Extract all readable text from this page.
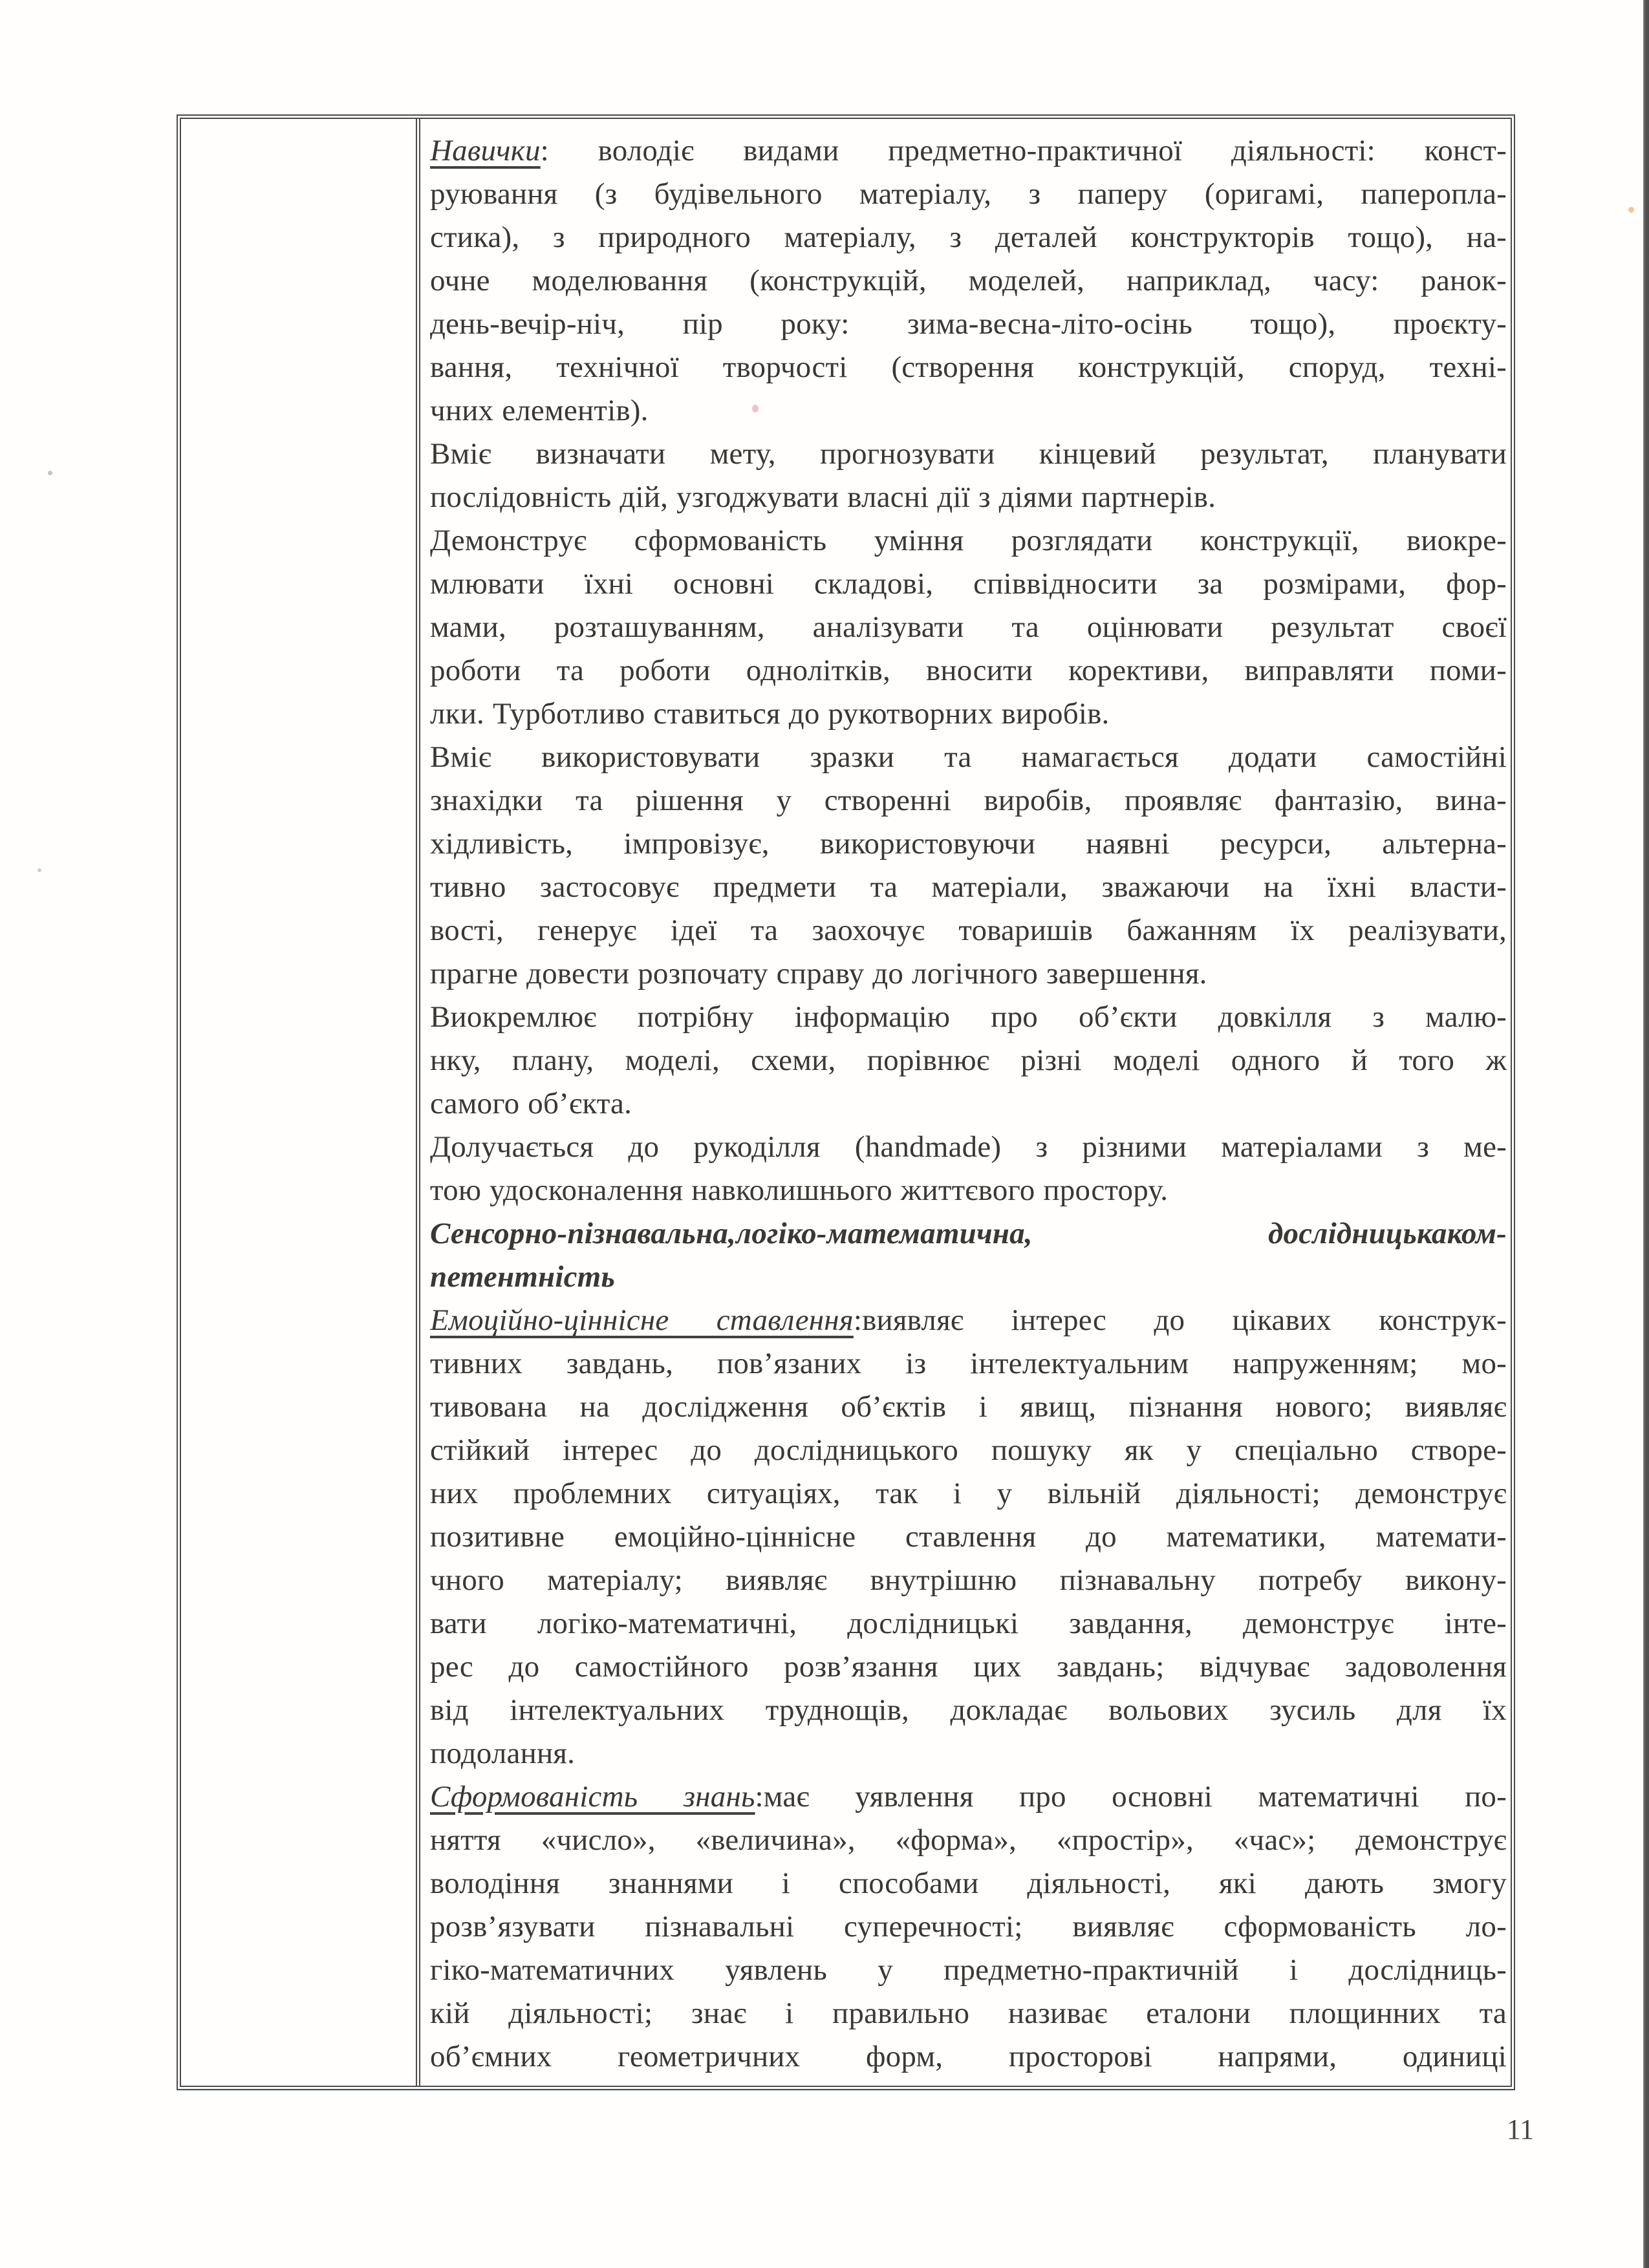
Навички: володіє видами предметно-практичної діяльності: конст-
руювання (з будівельного матеріалу, з паперу (оригамі, паперопла-
стика), з природного матеріалу, з деталей конструкторів тощо), на-
очне моделювання (конструкцій, моделей, наприклад, часу: ранок-
день-вечір-ніч, пір року: зима-весна-літо-осінь тощо), проєкту-
вання, технічної творчості (створення конструкцій, споруд, техні-
чних елементів).
Вміє визначати мету, прогнозувати кінцевий результат, планувати
послідовність дій, узгоджувати власні дії з діями партнерів.
Демонструє сформованість уміння розглядати конструкції, виокре-
млювати їхні основні складові, співвідносити за розмірами, фор-
мами, розташуванням, аналізувати та оцінювати результат своєї
роботи та роботи однолітків, вносити корективи, виправляти поми-
лки. Турботливо ставиться до рукотворних виробів.
Вміє використовувати зразки та намагається додати самостійні
знахідки та рішення у створенні виробів, проявляє фантазію, вина-
хідливість, імпровізує, використовуючи наявні ресурси, альтерна-
тивно застосовує предмети та матеріали, зважаючи на їхні власти-
вості, генерує ідеї та заохочує товаришів бажанням їх реалізувати,
прагне довести розпочату справу до логічного завершення.
Виокремлює потрібну інформацію про об’єкти довкілля з малю-
нку, плану, моделі, схеми, порівнює різні моделі одного й того ж
самого об’єкта.
Долучається до рукоділля (handmade) з різними матеріалами з ме-
тою удосконалення навколишнього життєвого простору.
Сенсорно-пізнавальна,логіко-математична, дослідницькаком-
петентність
Емоційно-ціннісне ставлення:виявляє інтерес до цікавих конструк-
тивних завдань, пов’язаних із інтелектуальним напруженням; мо-
тивована на дослідження об’єктів і явищ, пізнання нового; виявляє
стійкий інтерес до дослідницького пошуку як у спеціально створе-
них проблемних ситуаціях, так і у вільній діяльності; демонструє
позитивне емоційно-ціннісне ставлення до математики, математи-
чного матеріалу; виявляє внутрішню пізнавальну потребу викону-
вати логіко-математичні, дослідницькі завдання, демонструє інте-
рес до самостійного розв’язання цих завдань; відчуває задоволення
від інтелектуальних труднощів, докладає вольових зусиль для їх
подолання.
Сформованість знань:має уявлення про основні математичні по-
няття «число», «величина», «форма», «простір», «час»; демонструє
володіння знаннями і способами діяльності, які дають змогу
розв’язувати пізнавальні суперечності; виявляє сформованість ло-
гіко-математичних уявлень у предметно-практичній і дослідниць-
кій діяльності; знає і правильно називає еталони площинних та
об’ємних геометричних форм, просторові напрями, одиниці
11
